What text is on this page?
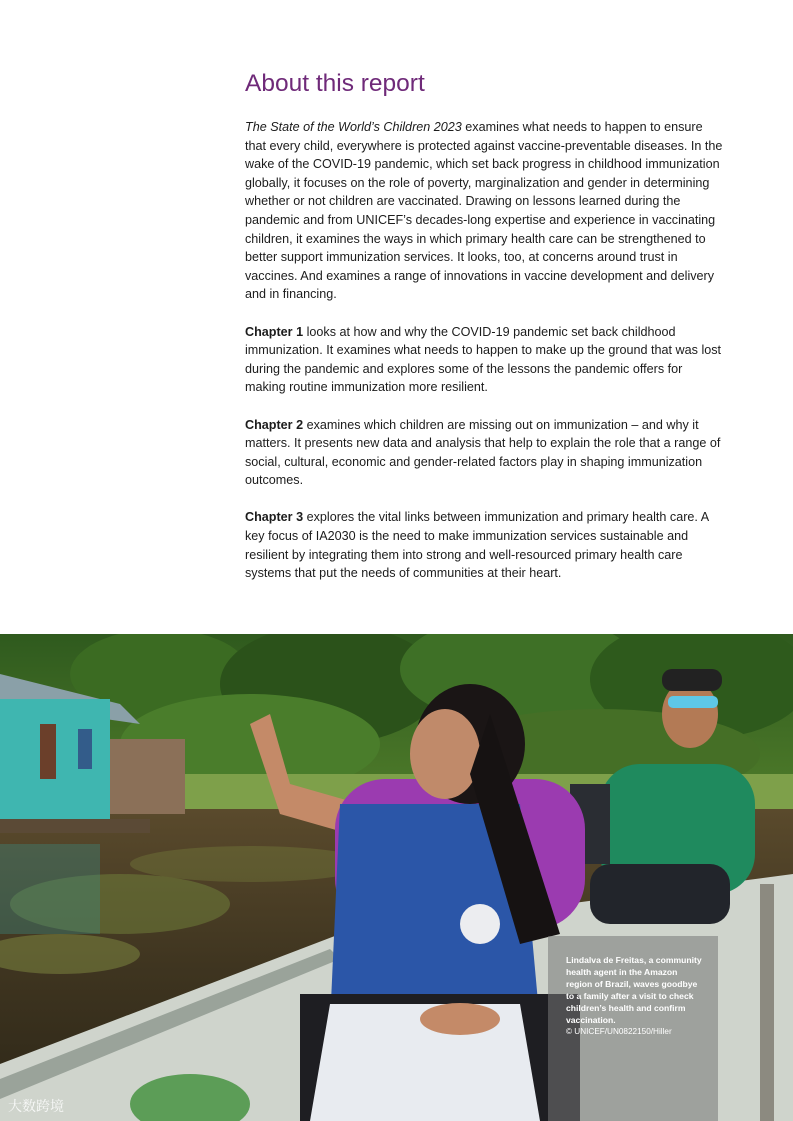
About this report

The State of the World’s Children 2023 examines what needs to happen to ensure that every child, everywhere is protected against vaccine-preventable diseases. In the wake of the COVID-19 pandemic, which set back progress in childhood immunization globally, it focuses on the role of poverty, marginalization and gender in determining whether or not children are vaccinated. Drawing on lessons learned during the pandemic and from UNICEF’s decades-long expertise and experience in vaccinating children, it examines the ways in which primary health care can be strengthened to better support immunization services. It looks, too, at concerns around trust in vaccines. And examines a range of innovations in vaccine development and delivery and in financing.

Chapter 1 looks at how and why the COVID-19 pandemic set back childhood immunization. It examines what needs to happen to make up the ground that was lost during the pandemic and explores some of the lessons the pandemic offers for making routine immunization more resilient.

Chapter 2 examines which children are missing out on immunization – and why it matters. It presents new data and analysis that help to explain the role that a range of social, cultural, economic and gender-related factors play in shaping immunization outcomes.

Chapter 3 explores the vital links between immunization and primary health care. A key focus of IA2030 is the need to make immunization services sustainable and resilient by integrating them into strong and well-resourced primary health care systems that put the needs of communities at their heart.

Lindalva de Freitas, a community health agent in the Amazon region of Brazil, waves goodbye to a family after a visit to check children’s health and confirm vaccination.
© UNICEF/UN0822150/Hiller
大数跨境
